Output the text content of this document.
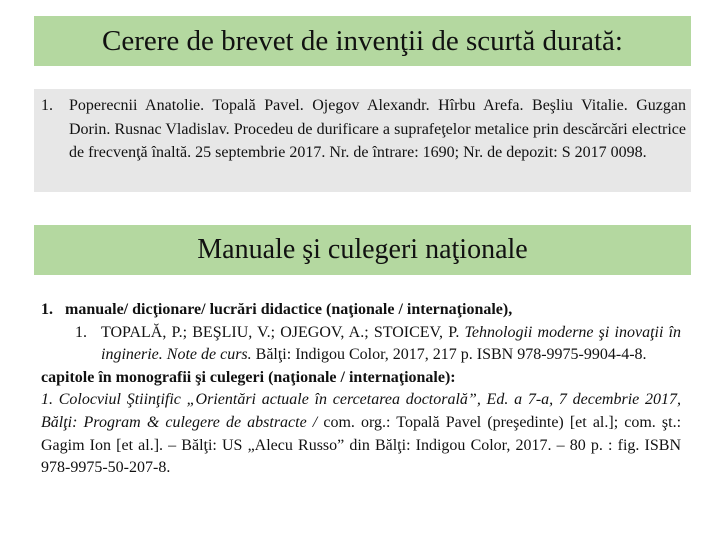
Cerere de brevet de invenţii de scurtă durată:
1. Poperecnii Anatolie. Topală Pavel. Ojegov Alexandr. Hîrbu Arefa. Beşliu Vitalie. Guzgan Dorin. Rusnac Vladislav. Procedeu de durificare a suprafeţelor metalice prin descărcări electrice de frecvenţă înaltă. 25 septembrie 2017. Nr. de întrare: 1690; Nr. de depozit: S 2017 0098.
Manuale şi culegeri naţionale
1. manuale/ dicţionare/ lucrări didactice (naţionale / internaţionale),
1. TOPALĂ, P.; BEŞLIU, V.; OJEGOV, A.; STOICEV, P. Tehnologii moderne şi inovaţii în inginerie. Note de curs. Bălţi: Indigou Color, 2017, 217 p. ISBN 978-9975-9904-4-8.
capitole în monografii şi culegeri (naţionale / internaţionale):
1. Colocviul Ştiinţific „Orientări actuale în cercetarea doctorală”, Ed. a 7-a, 7 decembrie 2017, Bălţi: Program & culegere de abstracte / com. org.: Topală Pavel (preşedinte) [et al.]; com. şt.: Gagim Ion [et al.]. – Bălţi: US „Alecu Russo” din Bălţi: Indigou Color, 2017. – 80 p. : fig. ISBN 978-9975-50-207-8.
